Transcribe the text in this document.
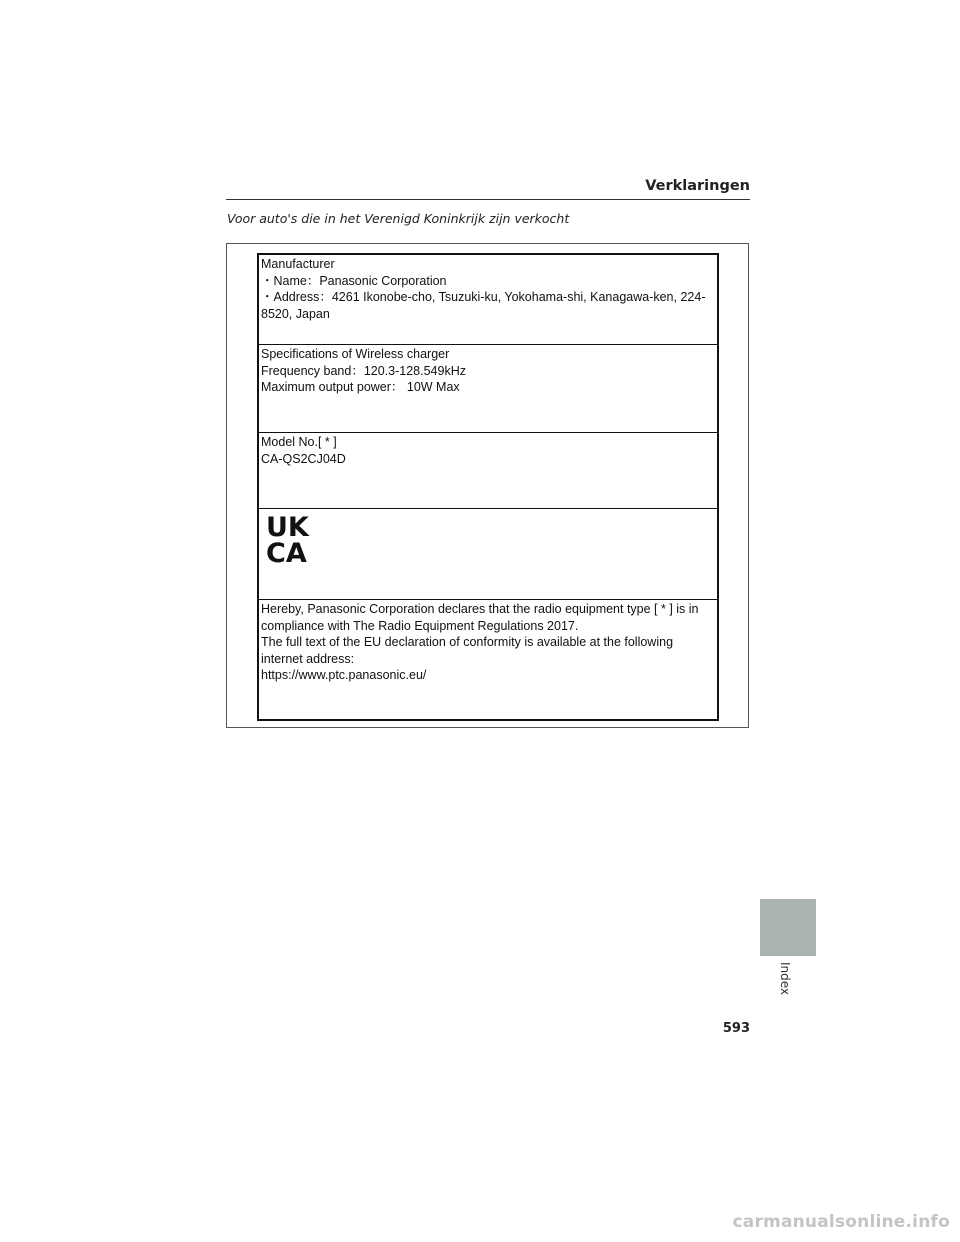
Verklaringen
Voor auto's die in het Verenigd Koninkrijk zijn verkocht
Manufacturer
・Name：Panasonic Corporation
・Address：4261 Ikonobe-cho, Tsuzuki-ku, Yokohama-shi, Kanagawa-ken, 224-
8520, Japan
Specifications of Wireless charger
Frequency band：120.3-128.549kHz
Maximum output power： 10W Max
Model No.[ * ]
CA-QS2CJ04D
UK
CA
Hereby, Panasonic Corporation declares that the radio equipment type [ * ] is in
compliance with The Radio Equipment Regulations 2017.
The full text of the EU declaration of conformity is available at the following
internet address:
https://www.ptc.panasonic.eu/
Index
593
carmanualsonline.info
